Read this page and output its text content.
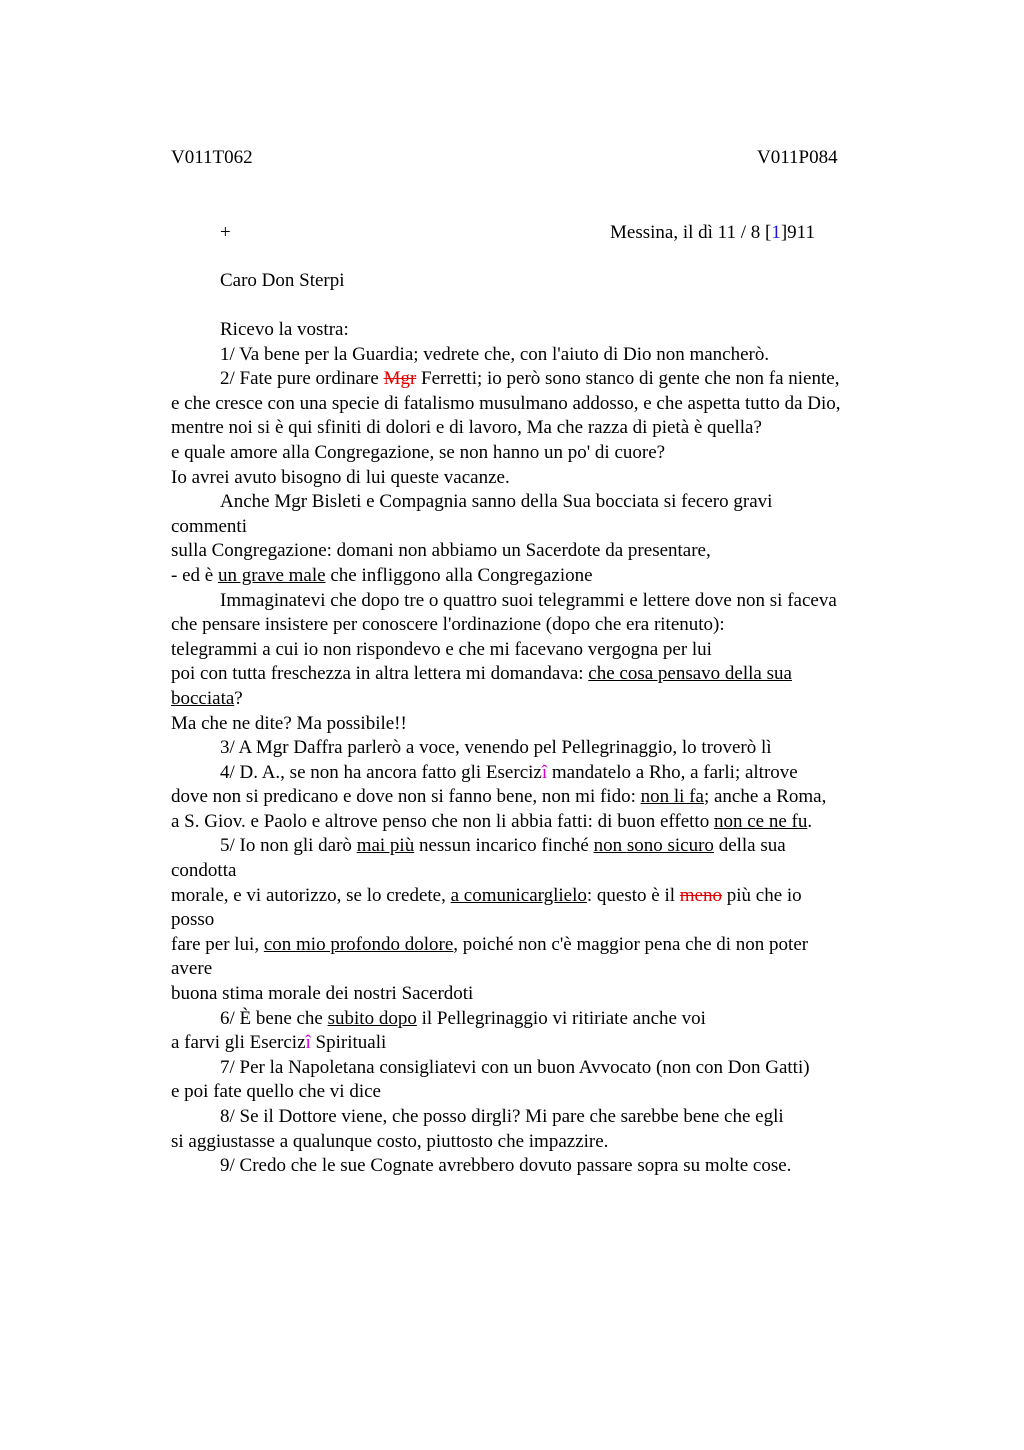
V011T062	V011P084
+	Messina, il dì 11 / 8 [1]911
Caro Don Sterpi
Ricevo la vostra:
1/ Va bene per la Guardia; vedrete che, con l'aiuto di Dio non mancherò.
2/ Fate pure ordinare Mgr Ferretti; io però sono stanco di gente che non fa niente,
e che cresce con una specie di fatalismo musulmano addosso, e che aspetta tutto da Dio,
mentre noi si è qui sfiniti di dolori e di lavoro, Ma che razza di pietà è quella?
e quale amore alla Congregazione, se non hanno un po' di cuore?
Io avrei avuto bisogno di lui queste vacanze.
Anche Mgr Bisleti e Compagnia sanno della Sua bocciata si fecero gravi
commenti
sulla Congregazione: domani non abbiamo un Sacerdote da presentare,
- ed è un grave male che infliggono alla Congregazione
Immaginatevi che dopo tre o quattro suoi telegrammi e lettere dove non si faceva
che pensare insistere per conoscere l'ordinazione (dopo che era ritenuto):
telegrammi a cui io non rispondevo e che mi facevano vergogna per lui
poi con tutta freschezza in altra lettera mi domandava: che cosa pensavo della sua
bocciata?
Ma che ne dite? Ma possibile!!
3/ A Mgr Daffra parlerò a voce, venendo pel Pellegrinaggio, lo troverò lì
4/ D. A., se non ha ancora fatto gli Esercizî mandatelo a Rho, a farli; altrove
dove non si predicano e dove non si fanno bene, non mi fido: non li fa; anche a Roma,
a S. Giov. e Paolo e altrove penso che non li abbia fatti: di buon effetto non ce ne fu.
5/ Io non gli darò mai più nessun incarico finché non sono sicuro della sua
condotta
morale, e vi autorizzo, se lo credete, a comunicarglielo: questo è il meno più che io
posso
fare per lui, con mio profondo dolore, poiché non c'è maggior pena che di non poter
avere
buona stima morale dei nostri Sacerdoti
6/ È bene che subito dopo il Pellegrinaggio vi ritiriate anche voi
a farvi gli Esercizî Spirituali
7/ Per la Napoletana consigliatevi con un buon Avvocato (non con Don Gatti)
e poi fate quello che vi dice
8/ Se il Dottore viene, che posso dirgli? Mi pare che sarebbe bene che egli
si aggiustasse a qualunque costo, piuttosto che impazzire.
9/ Credo che le sue Cognate avrebbero dovuto passare sopra su molte cose.
